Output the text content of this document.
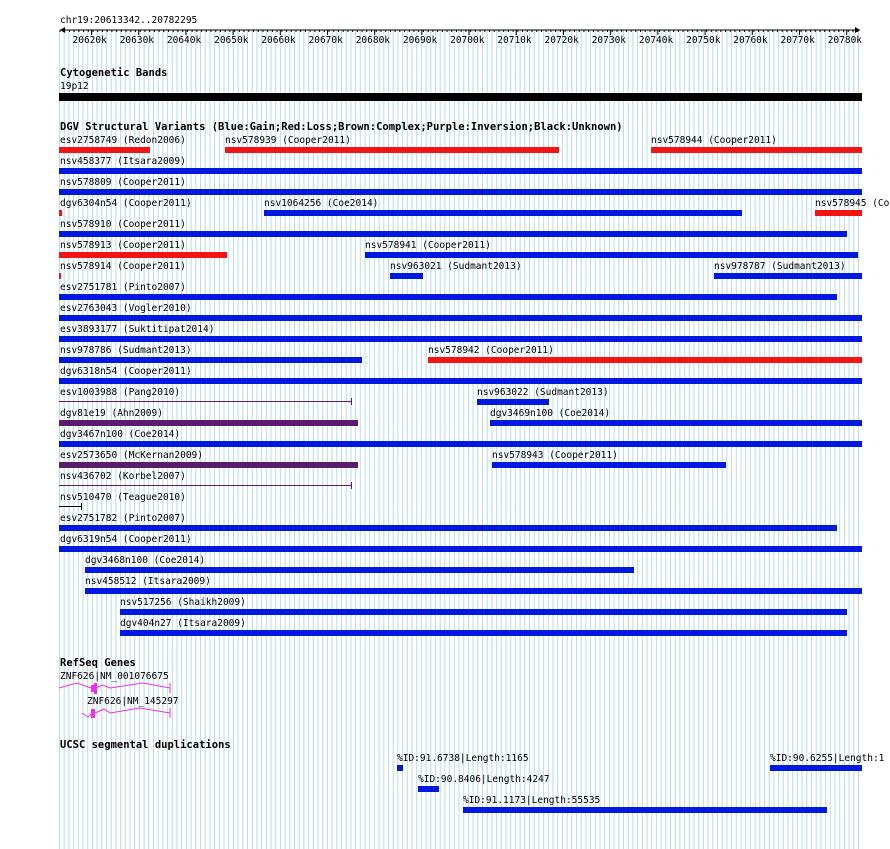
chr19:20613342..20782295
20620k 20630k 20640k 20650k 20660k 20670k 20680k 20690k 20700k 20710k 20720k 20730k 20740k 20750k 20760k 20770k 20780k
Cytogenetic Bands
19p12
DGV Structural Variants (Blue:Gain;Red:Loss;Brown:Complex;Purple:Inversion;Black:Unknown)
esv2758749 (Redon2006)	nsv578939 (Cooper2011)	nsv578944 (Cooper2011)
nsv458377 (Itsara2009)
nsv578809 (Cooper2011)
dgv6304n54 (Cooper2011)	nsv1064256 (Coe2014)	nsv578945 (Co
nsv578910 (Cooper2011)
nsv578913 (Cooper2011)	nsv578941 (Cooper2011)
nsv578914 (Cooper2011)	nsv963021 (Sudmant2013)	nsv978787 (Sudmant2013)
esv2751781 (Pinto2007)
esv2763043 (Vogler2010)
esv3893177 (Suktitipat2014)
nsv978786 (Sudmant2013)	nsv578942 (Cooper2011)
dgv6318n54 (Cooper2011)
esv1003988 (Pang2010)	nsv963022 (Sudmant2013)
dgv81e19 (Ahn2009)	dgv3469n100 (Coe2014)
dgv3467n100 (Coe2014)
esv2573650 (McKernan2009)	nsv578943 (Cooper2011)
nsv436702 (Korbel2007)
nsv510470 (Teague2010)
esv2751782 (Pinto2007)
dgv6319n54 (Cooper2011)
dgv3468n100 (Coe2014)
nsv458512 (Itsara2009)
nsv517256 (Shaikh2009)
dgv404n27 (Itsara2009)
RefSeq Genes
ZNF626|NM_001076675
ZNF626|NM_145297
UCSC segmental duplications
%ID:91.6738|Length:1165	%ID:90.6255|Length:1
%ID:90.8406|Length:4247
%ID:91.1173|Length:55535
